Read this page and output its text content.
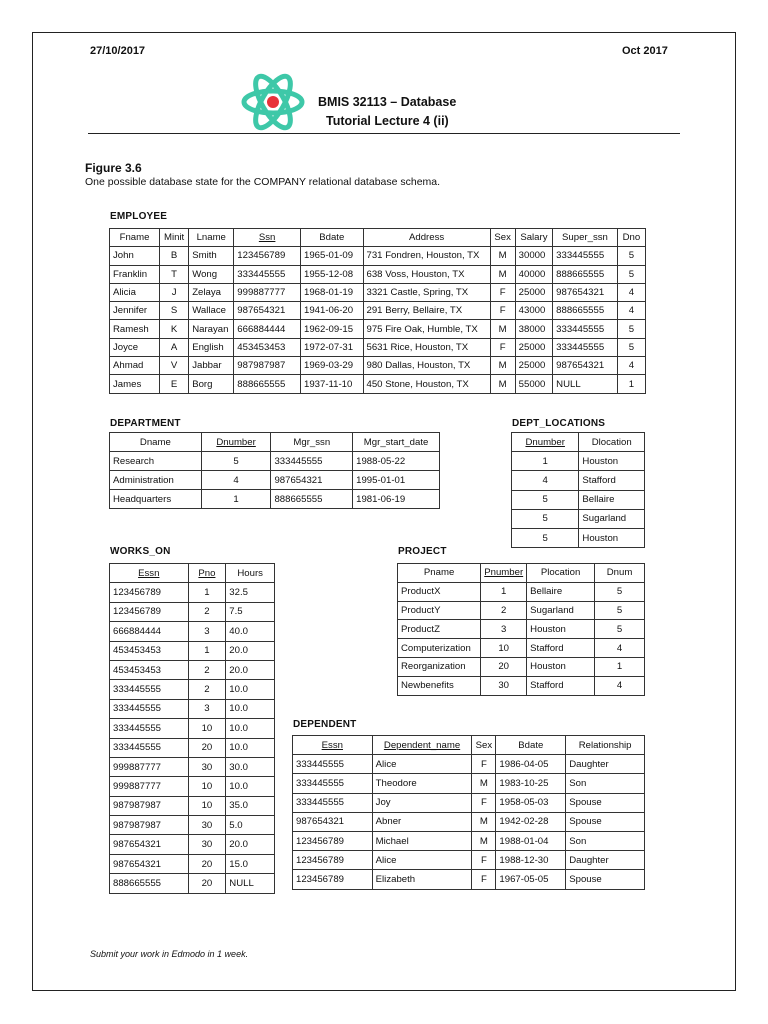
27/10/2017	Oct 2017
BMIS 32113 – Database
Tutorial Lecture 4 (ii)
Figure 3.6
One possible database state for the COMPANY relational database schema.
EMPLOYEE
Fname	Minit	Lname	Ssn	Bdate	Address	Sex	Salary	Super_ssn	Dno
John	B	Smith	123456789	1965-01-09	731 Fondren, Houston, TX	M	30000	333445555	5
Franklin	T	Wong	333445555	1955-12-08	638 Voss, Houston, TX	M	40000	888665555	5
Alicia	J	Zelaya	999887777	1968-01-19	3321 Castle, Spring, TX	F	25000	987654321	4
Jennifer	S	Wallace	987654321	1941-06-20	291 Berry, Bellaire, TX	F	43000	888665555	4
Ramesh	K	Narayan	666884444	1962-09-15	975 Fire Oak, Humble, TX	M	38000	333445555	5
Joyce	A	English	453453453	1972-07-31	5631 Rice, Houston, TX	F	25000	333445555	5
Ahmad	V	Jabbar	987987987	1969-03-29	980 Dallas, Houston, TX	M	25000	987654321	4
James	E	Borg	888665555	1937-11-10	450 Stone, Houston, TX	M	55000	NULL	1
DEPARTMENT
Dname	Dnumber	Mgr_ssn	Mgr_start_date
Research	5	333445555	1988-05-22
Administration	4	987654321	1995-01-01
Headquarters	1	888665555	1981-06-19
DEPT_LOCATIONS
Dnumber	Dlocation
1	Houston
4	Stafford
5	Bellaire
5	Sugarland
5	Houston
WORKS_ON
Essn	Pno	Hours
123456789	1	32.5
123456789	2	7.5
666884444	3	40.0
453453453	1	20.0
453453453	2	20.0
333445555	2	10.0
333445555	3	10.0
333445555	10	10.0
333445555	20	10.0
999887777	30	30.0
999887777	10	10.0
987987987	10	35.0
987987987	30	5.0
987654321	30	20.0
987654321	20	15.0
888665555	20	NULL
PROJECT
Pname	Pnumber	Plocation	Dnum
ProductX	1	Bellaire	5
ProductY	2	Sugarland	5
ProductZ	3	Houston	5
Computerization	10	Stafford	4
Reorganization	20	Houston	1
Newbenefits	30	Stafford	4
DEPENDENT
Essn	Dependent_name	Sex	Bdate	Relationship
333445555	Alice	F	1986-04-05	Daughter
333445555	Theodore	M	1983-10-25	Son
333445555	Joy	F	1958-05-03	Spouse
987654321	Abner	M	1942-02-28	Spouse
123456789	Michael	M	1988-01-04	Son
123456789	Alice	F	1988-12-30	Daughter
123456789	Elizabeth	F	1967-05-05	Spouse
Submit your work in Edmodo in 1 week.
